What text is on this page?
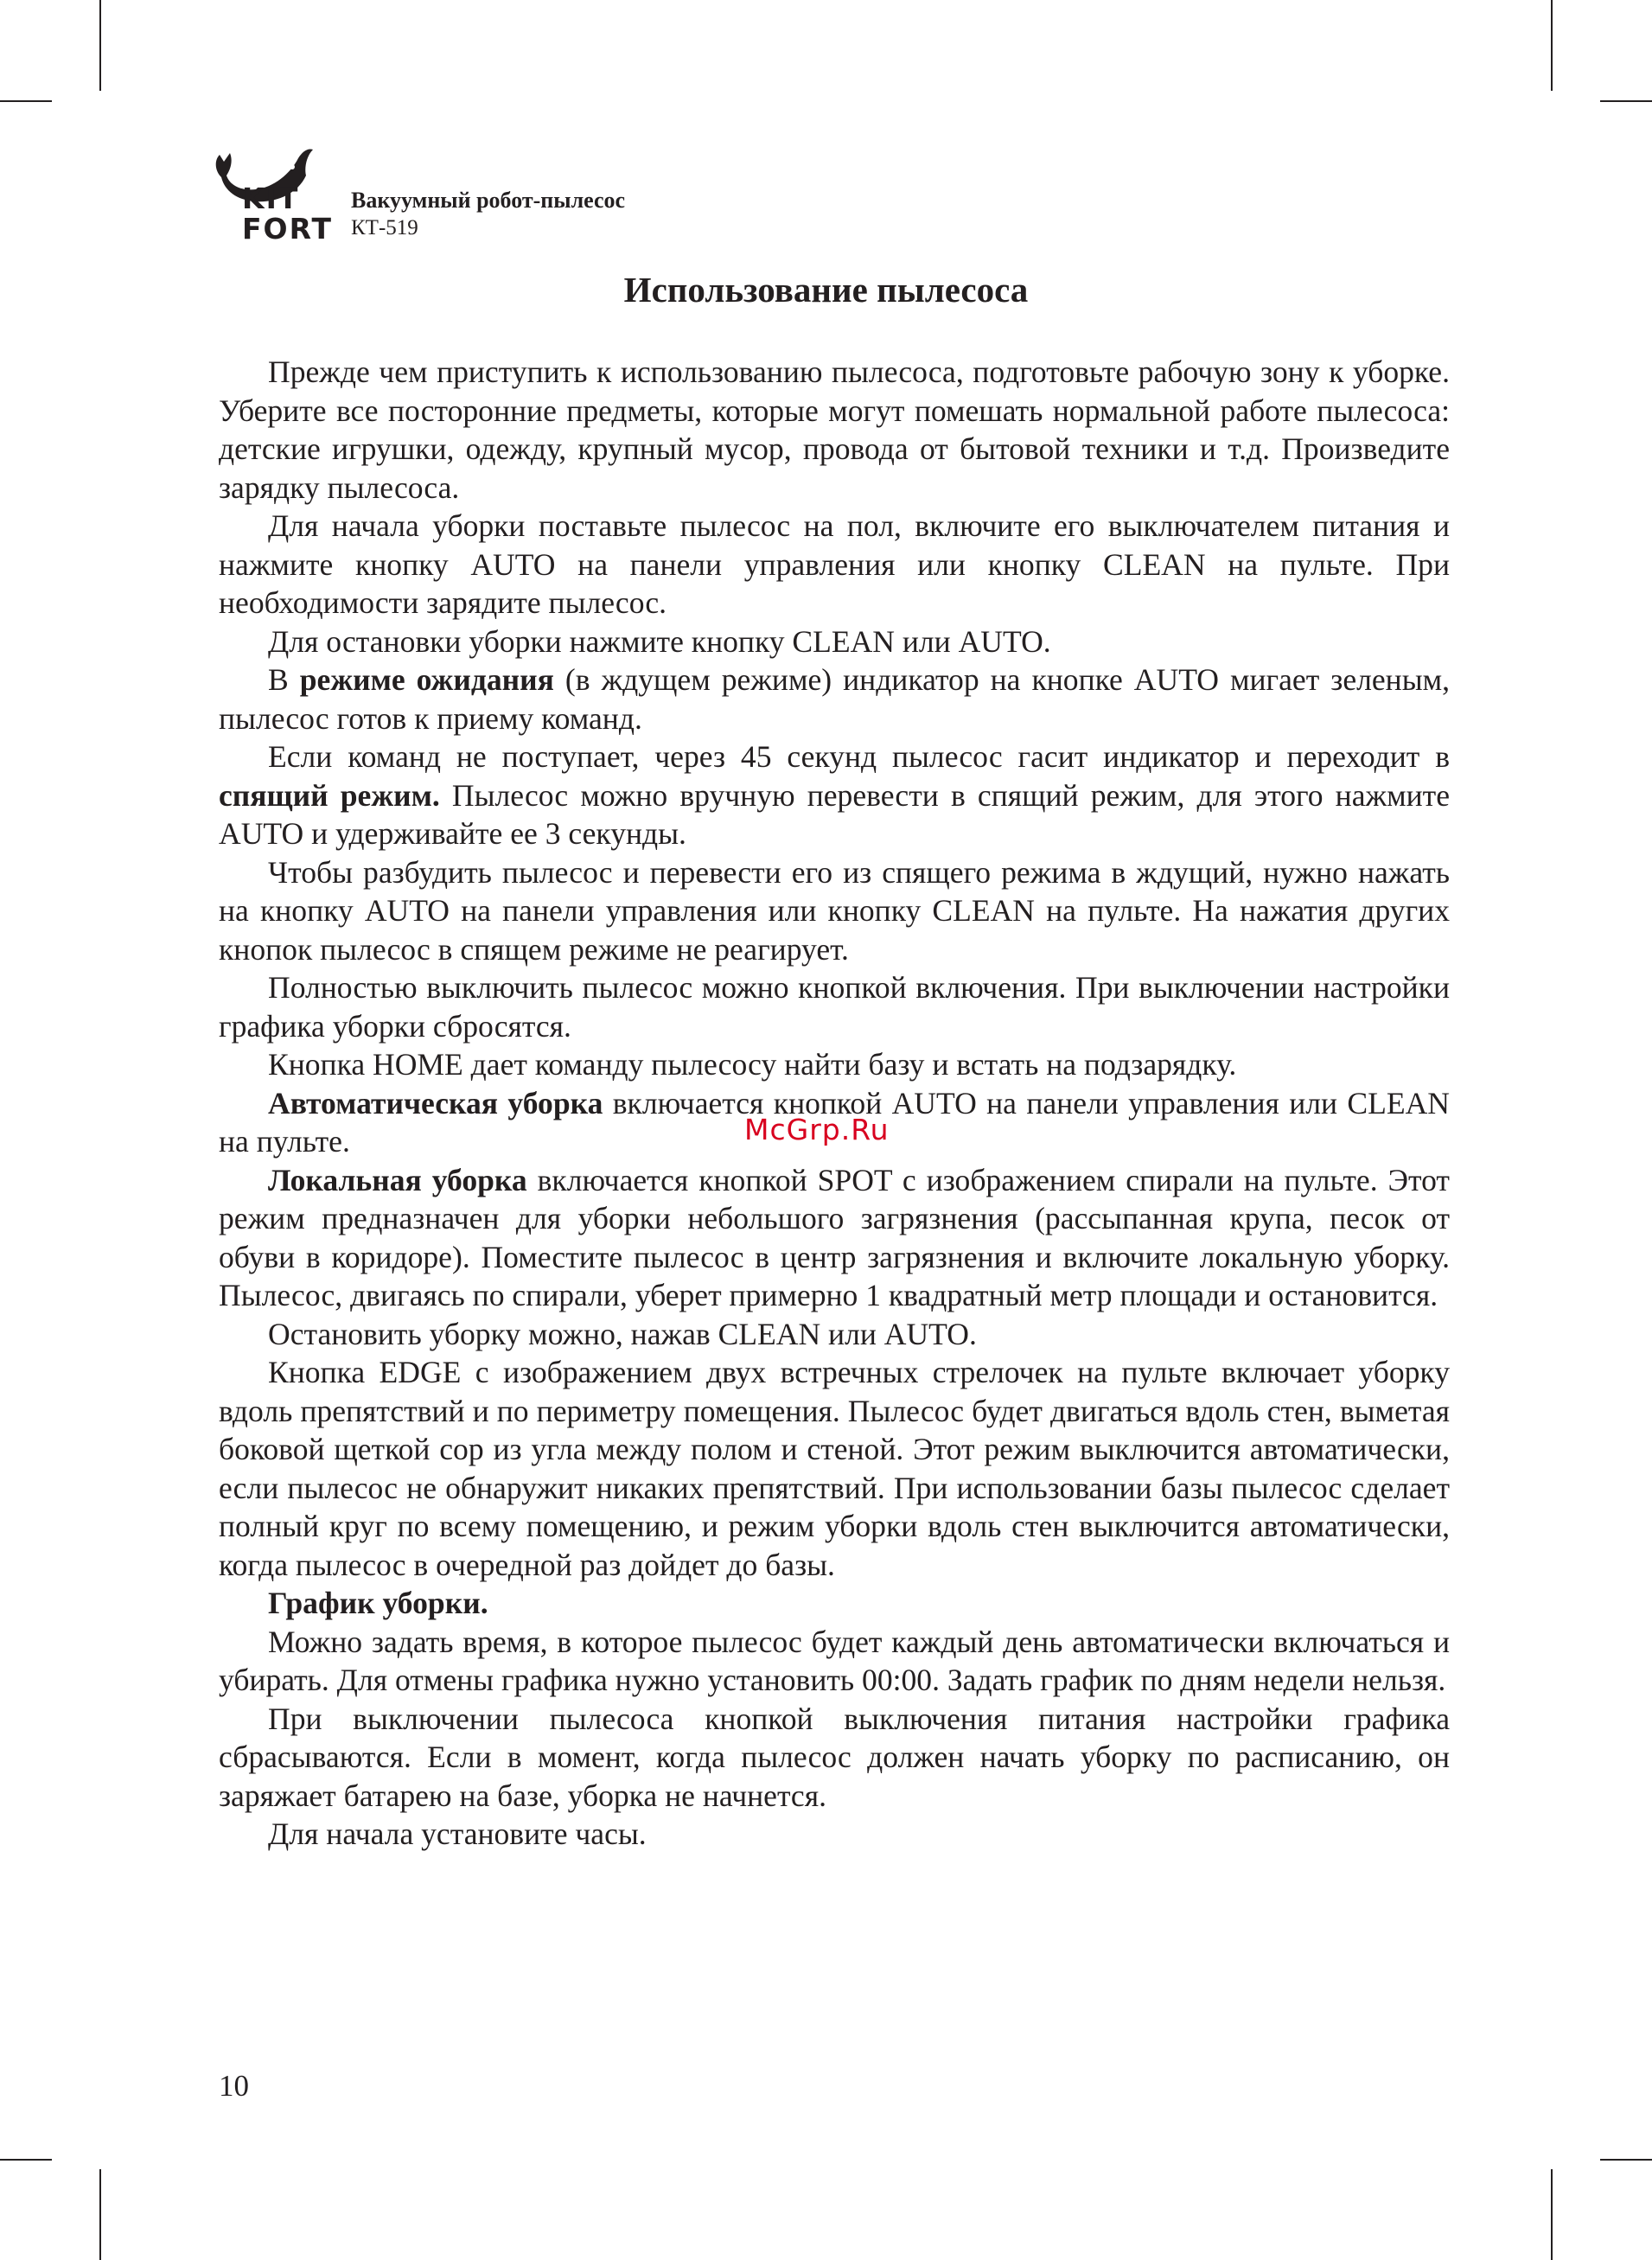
KIT
FORT
Вакуумный робот-пылесос
КТ-519
Использование пылесоса

Прежде чем приступить к использованию пылесоса, подготовьте рабочую зону к уборке. Уберите все посторонние предметы, которые могут помешать нормальной работе пылесоса: детские игрушки, одежду, крупный мусор, провода от бытовой техники и т.д. Произведите зарядку пылесоса.

Для начала уборки поставьте пылесос на пол, включите его выключателем питания и нажмите кнопку AUTO на панели управления или кнопку CLEAN на пульте. При необходимости зарядите пылесос.

Для остановки уборки нажмите кнопку CLEAN или AUTO.

В режиме ожидания (в ждущем режиме) индикатор на кнопке AUTO мигает зеленым, пылесос готов к приему команд.

Если команд не поступает, через 45 секунд пылесос гасит индикатор и переходит в спящий режим. Пылесос можно вручную перевести в спящий режим, для этого нажмите AUTO и удерживайте ее 3 секунды.

Чтобы разбудить пылесос и перевести его из спящего режима в ждущий, нужно нажать на кнопку AUTO на панели управления или кнопку CLEAN на пульте. На нажатия других кнопок пылесос в спящем режиме не реагирует.

Полностью выключить пылесос можно кнопкой включения. При выключении настройки графика уборки сбросятся.

Кнопка HOME дает команду пылесосу найти базу и встать на подзарядку.

Автоматическая уборка включается кнопкой AUTO на панели управления или CLEAN на пульте.

Локальная уборка включается кнопкой SPOT с изображением спирали на пульте. Этот режим предназначен для уборки небольшого загрязнения (рассыпанная крупа, песок от обуви в коридоре). Поместите пылесос в центр загрязнения и включите локальную уборку. Пылесос, двигаясь по спирали, уберет примерно 1 квадратный метр площади и остановится.

Остановить уборку можно, нажав CLEAN или AUTO.

Кнопка EDGE с изображением двух встречных стрелочек на пульте включает уборку вдоль препятствий и по периметру помещения. Пылесос будет двигаться вдоль стен, выметая боковой щеткой сор из угла между полом и стеной. Этот режим выключится автоматически, если пылесос не обнаружит никаких препятствий. При использовании базы пылесос сделает полный круг по всему помещению, и режим уборки вдоль стен выключится автоматически, когда пылесос в очередной раз дойдет до базы.

График уборки.

Можно задать время, в которое пылесос будет каждый день автоматически включаться и убирать. Для отмены графика нужно установить 00:00. Задать график по дням недели нельзя.

При выключении пылесоса кнопкой выключения питания настройки графика сбрасываются. Если в момент, когда пылесос должен начать уборку по расписанию, он заряжает батарею на базе, уборка не начнется.

Для начала установите часы.

McGrp.Ru
10
